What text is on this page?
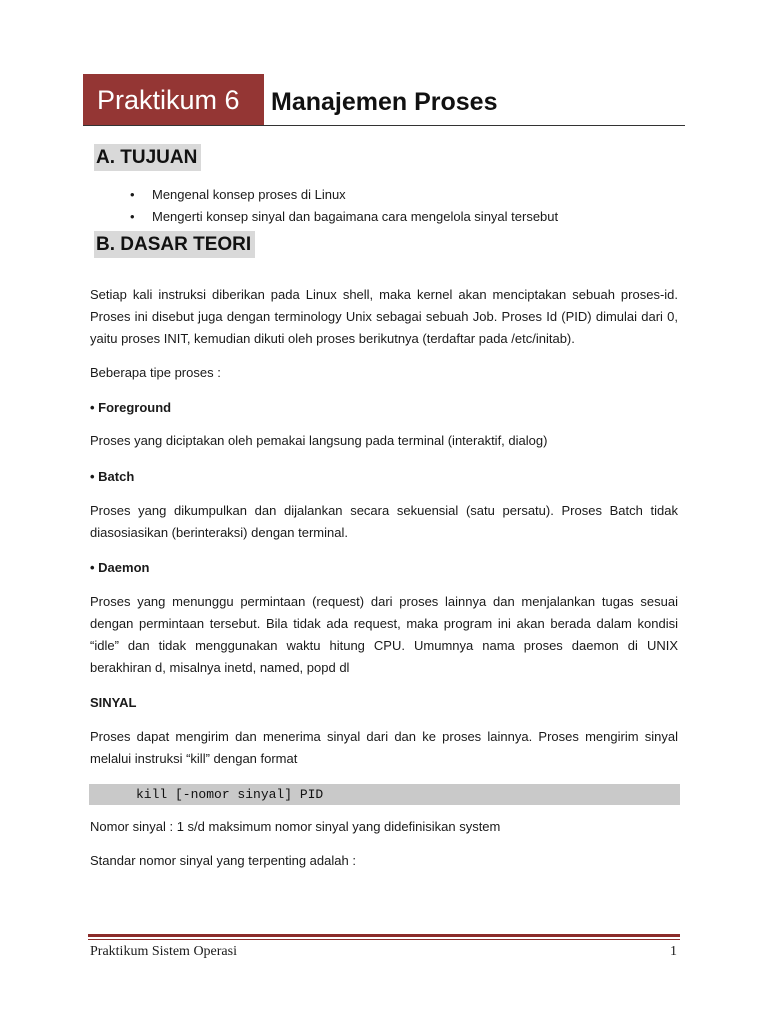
Praktikum 6	Manajemen Proses
A. TUJUAN
• Mengenal konsep proses di Linux
• Mengerti konsep sinyal dan bagaimana cara mengelola sinyal tersebut
B. DASAR TEORI

Setiap kali instruksi diberikan pada Linux shell, maka kernel akan menciptakan sebuah proses-id. Proses ini disebut juga dengan terminology Unix sebagai sebuah Job. Proses Id (PID) dimulai dari 0, yaitu proses INIT, kemudian dikuti oleh proses berikutnya (terdaftar pada /etc/initab).

Beberapa tipe proses :
• Foreground
Proses yang diciptakan oleh pemakai langsung pada terminal (interaktif, dialog)
• Batch
Proses yang dikumpulkan dan dijalankan secara sekuensial (satu persatu). Proses Batch tidak diasosiasikan (berinteraksi) dengan terminal.
• Daemon
Proses yang menunggu permintaan (request) dari proses lainnya dan menjalankan tugas sesuai dengan permintaan tersebut. Bila tidak ada request, maka program ini akan berada dalam kondisi “idle” dan tidak menggunakan waktu hitung CPU. Umumnya nama proses daemon di UNIX berakhiran d, misalnya inetd, named, popd dl
SINYAL
Proses dapat mengirim dan menerima sinyal dari dan ke proses lainnya. Proses mengirim sinyal melalui instruksi “kill” dengan format
kill [-nomor sinyal] PID
Nomor sinyal : 1 s/d maksimum nomor sinyal yang didefinisikan system
Standar nomor sinyal yang terpenting adalah :
Praktikum Sistem Operasi	1
